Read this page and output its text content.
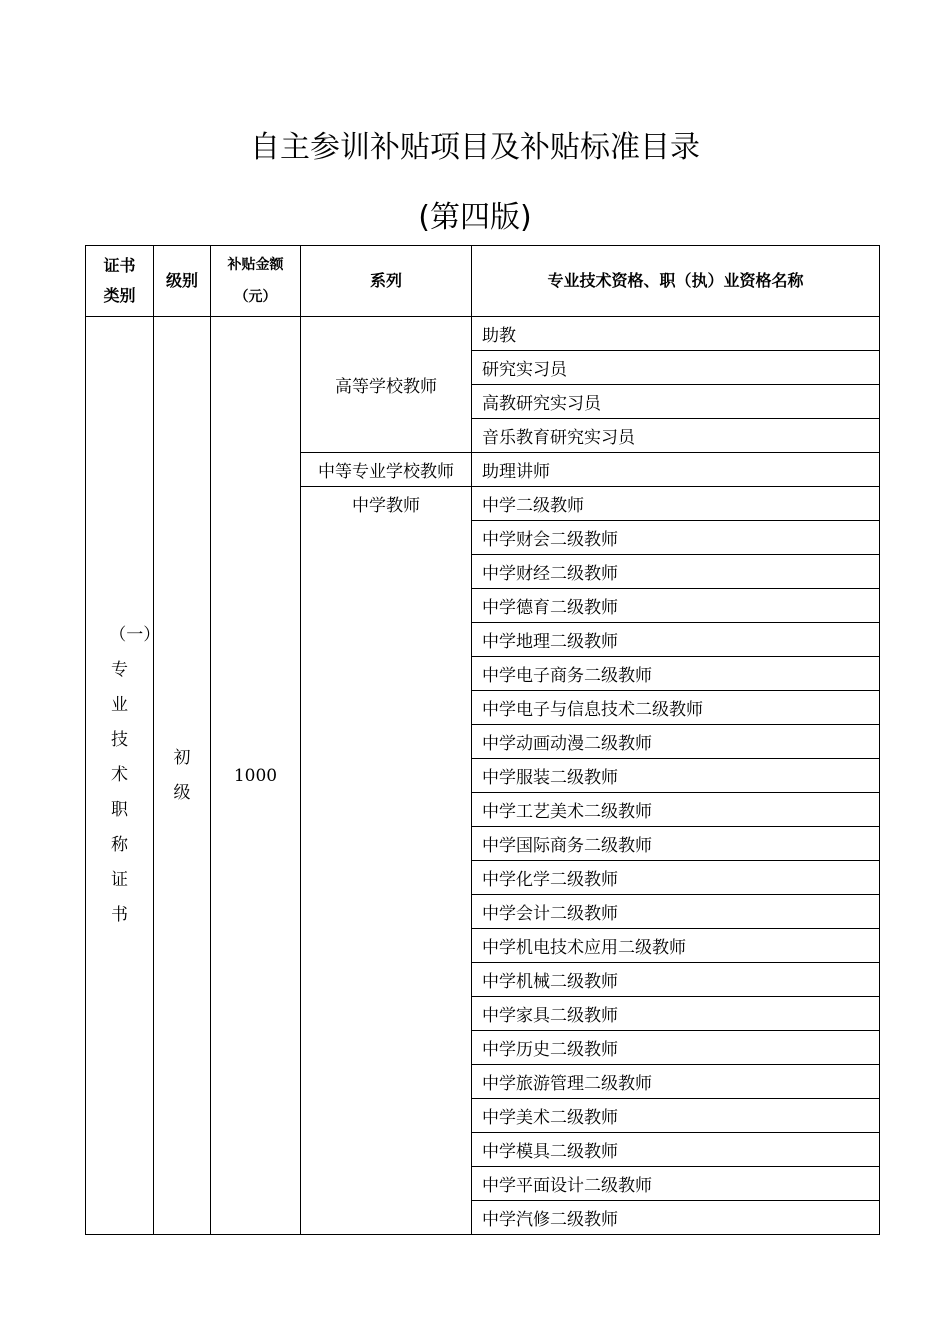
自主参训补贴项目及补贴标准目录
(第四版)
证书类别	级别	补贴金额（元）	系列	专业技术资格、职（执）业资格名称
（一）专业技术职称证书	初级	1000	高等学校教师	助教
				研究实习员
				高教研究实习员
				音乐教育研究实习员
			中等专业学校教师	助理讲师
			中学教师	中学二级教师
				中学财会二级教师
				中学财经二级教师
				中学德育二级教师
				中学地理二级教师
				中学电子商务二级教师
				中学电子与信息技术二级教师
				中学动画动漫二级教师
				中学服装二级教师
				中学工艺美术二级教师
				中学国际商务二级教师
				中学化学二级教师
				中学会计二级教师
				中学机电技术应用二级教师
				中学机械二级教师
				中学家具二级教师
				中学历史二级教师
				中学旅游管理二级教师
				中学美术二级教师
				中学模具二级教师
				中学平面设计二级教师
				中学汽修二级教师
